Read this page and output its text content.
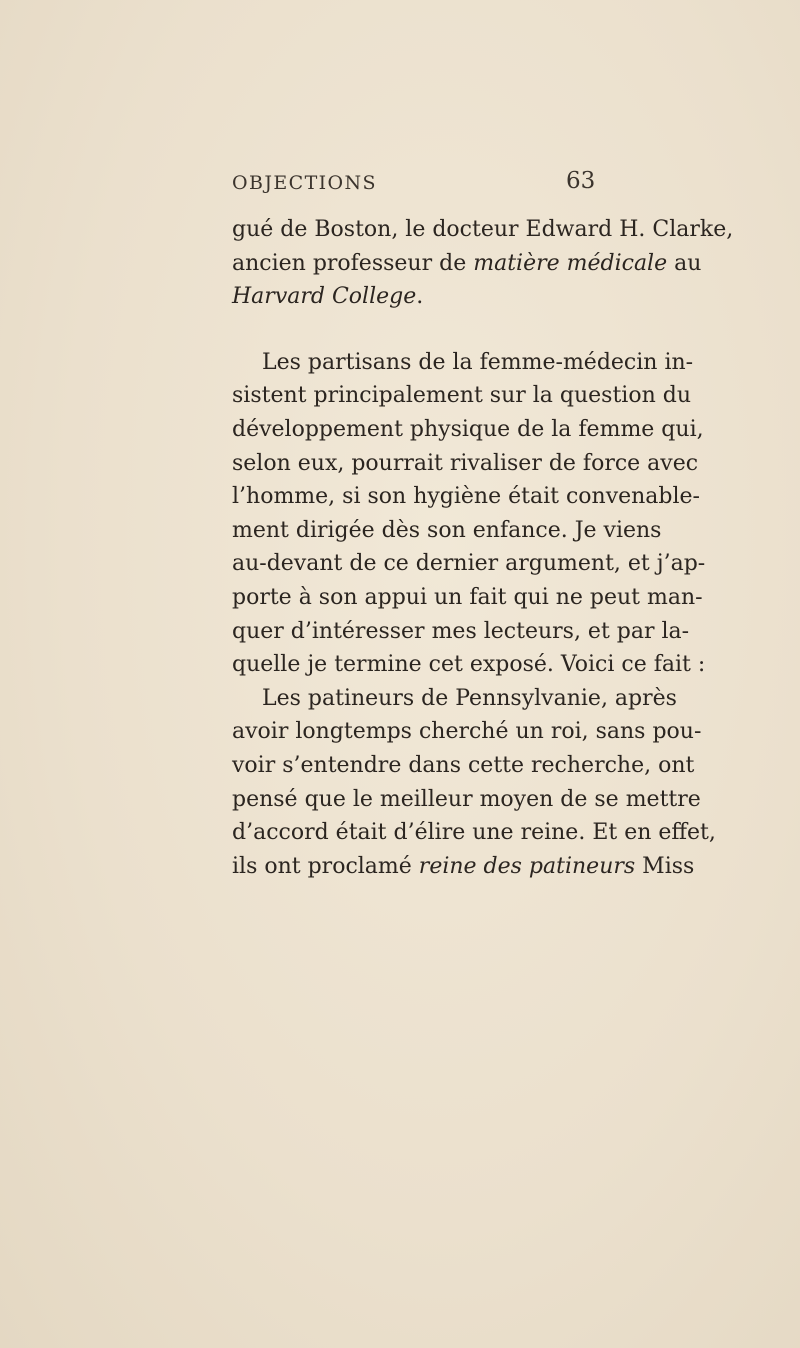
OBJECTIONS	63
gué de Boston, le docteur Edward H. Clarke,
ancien professeur de matière médicale au
Harvard College.
Les partisans de la femme-médecin in-
sistent principalement sur la question du
développement physique de la femme qui,
selon eux, pourrait rivaliser de force avec
l’homme, si son hygiène était convenable-
ment dirigée dès son enfance. Je viens
au-devant de ce dernier argument, et j’ap-
porte à son appui un fait qui ne peut man-
quer d’intéresser mes lecteurs, et par la-
quelle je termine cet exposé. Voici ce fait :
Les patineurs de Pennsylvanie, après
avoir longtemps cherché un roi, sans pou-
voir s’entendre dans cette recherche, ont
pensé que le meilleur moyen de se mettre
d’accord était d’élire une reine. Et en effet,
ils ont proclamé reine des patineurs Miss
